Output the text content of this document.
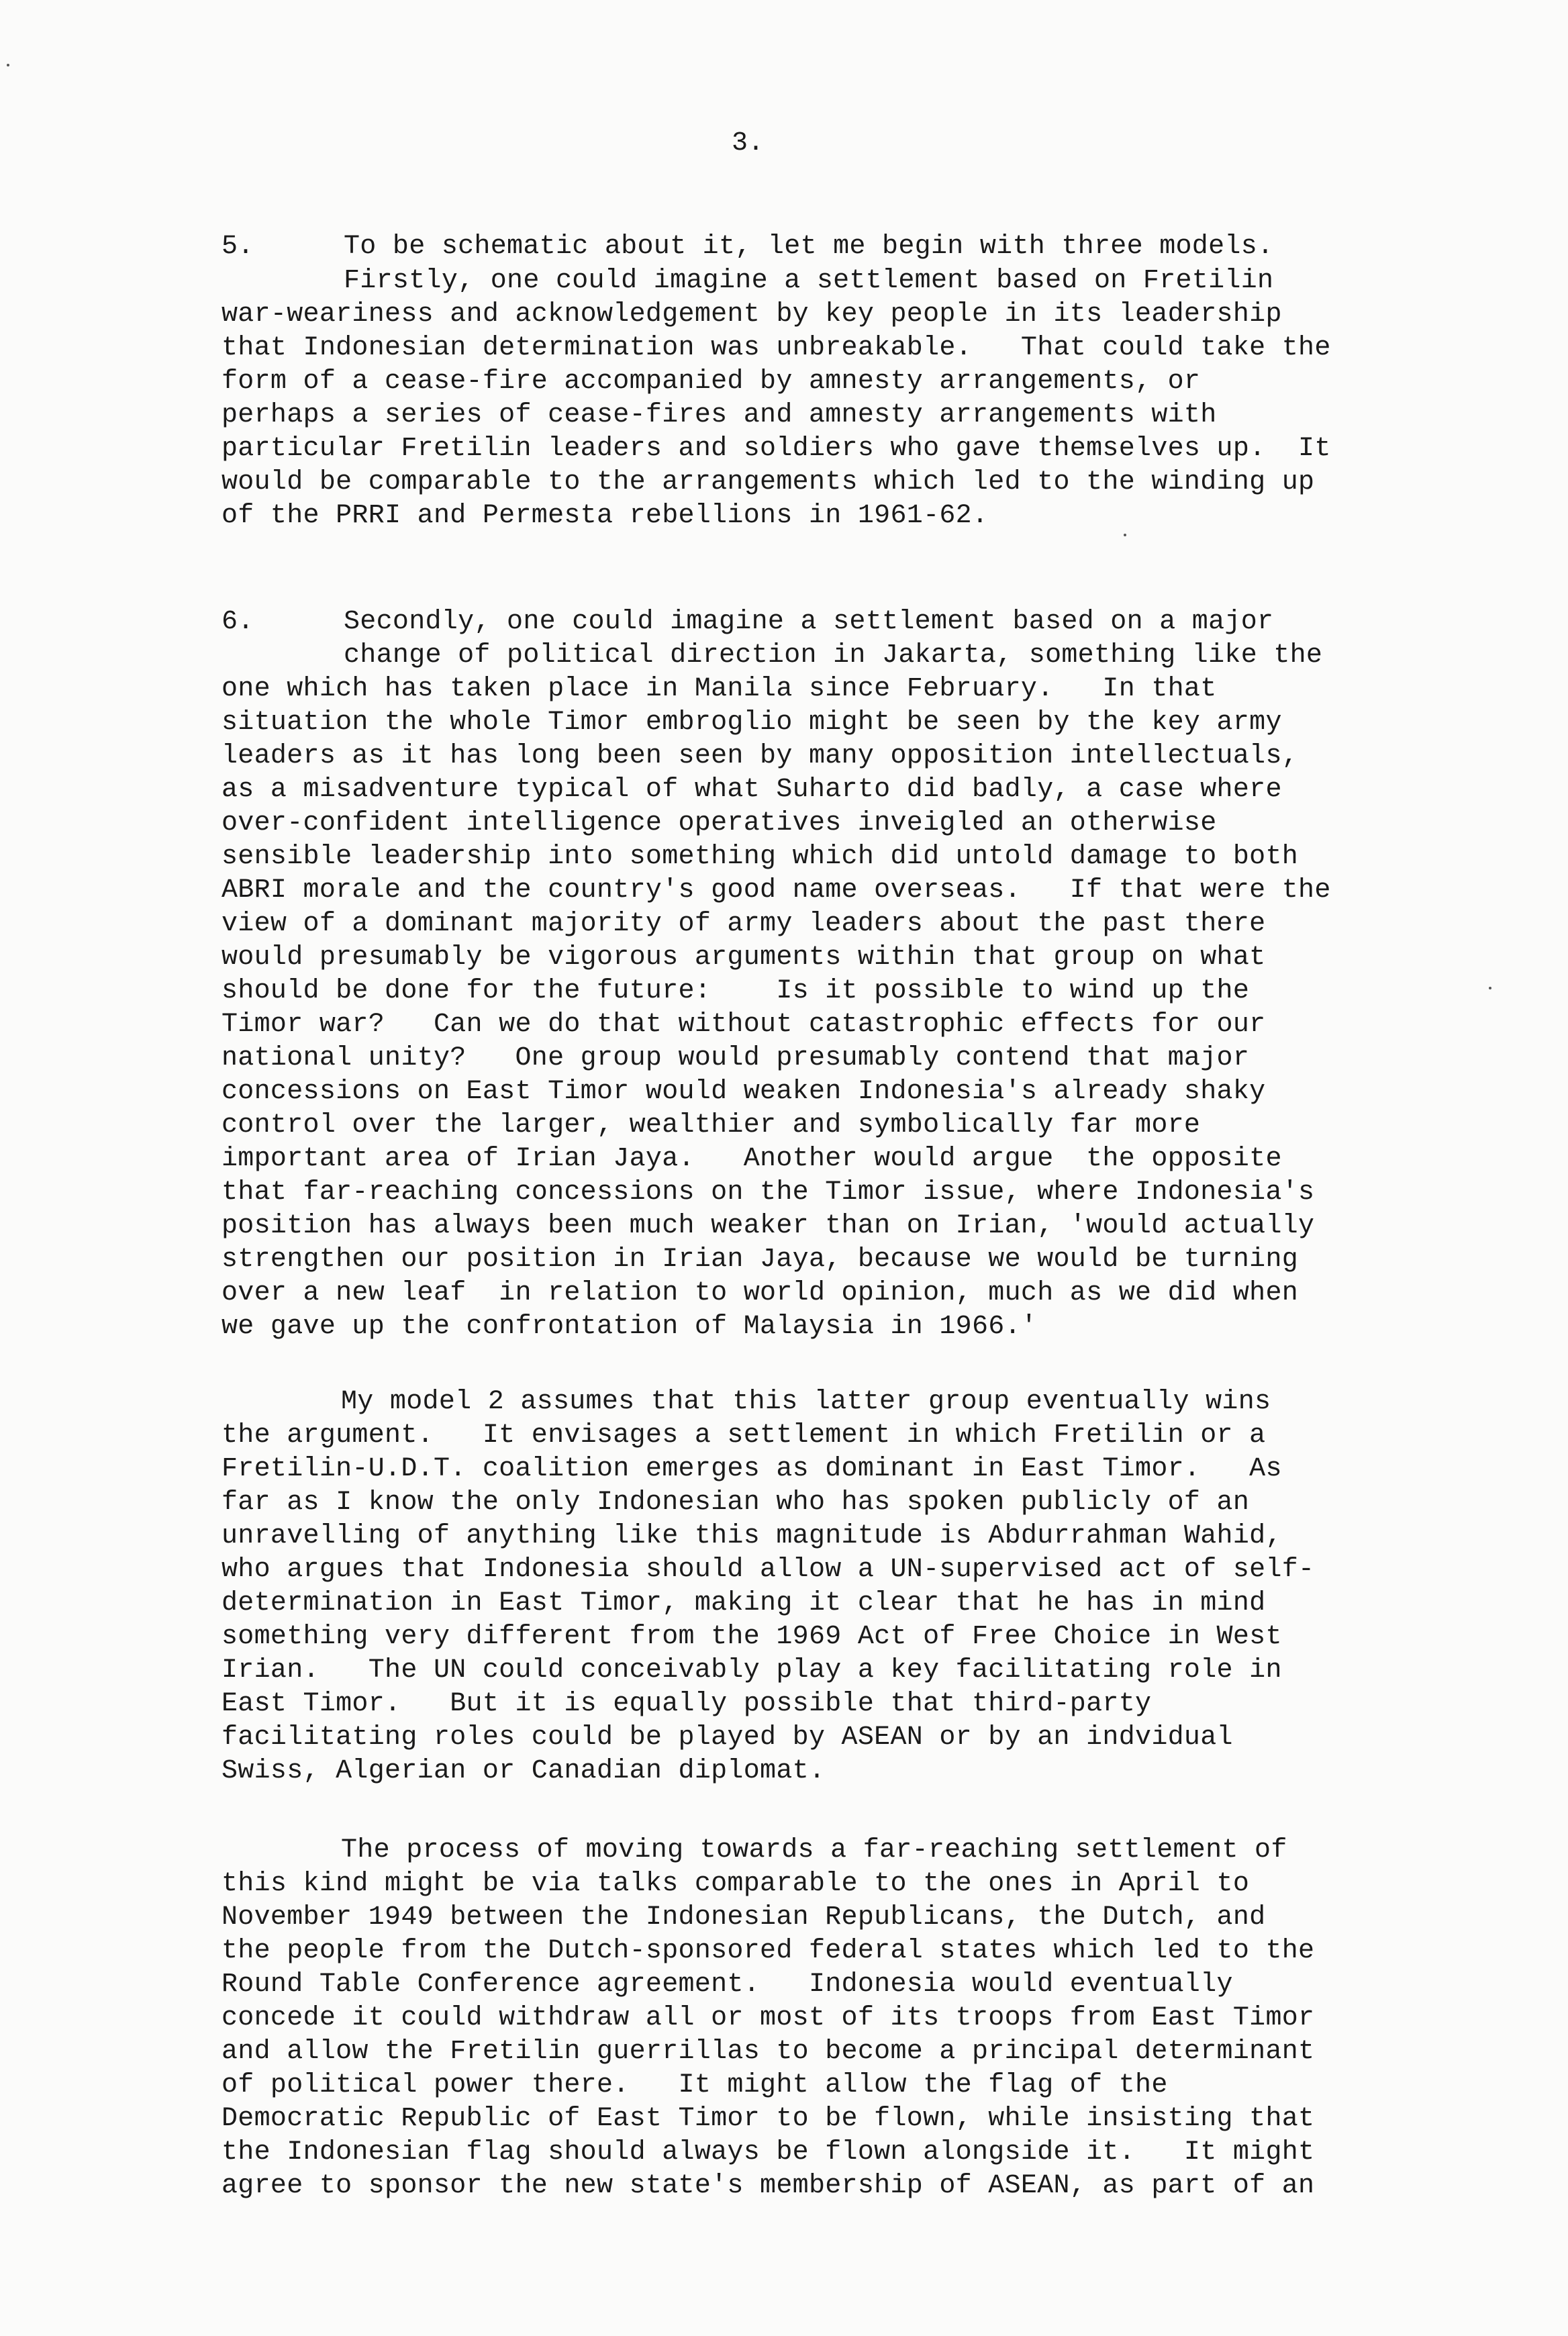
3.
5.	To be schematic about it, let me begin with three models.
Firstly, one could imagine a settlement based on Fretilin
war-weariness and acknowledgement by key people in its leadership
that Indonesian determination was unbreakable.   That could take the
form of a cease-fire accompanied by amnesty arrangements, or
perhaps a series of cease-fires and amnesty arrangements with
particular Fretilin leaders and soldiers who gave themselves up.  It
would be comparable to the arrangements which led to the winding up
of the PRRI and Permesta rebellions in 1961-62.
6.	Secondly, one could imagine a settlement based on a major
change of political direction in Jakarta, something like the
one which has taken place in Manila since February.   In that
situation the whole Timor embroglio might be seen by the key army
leaders as it has long been seen by many opposition intellectuals,
as a misadventure typical of what Suharto did badly, a case where
over-confident intelligence operatives inveigled an otherwise
sensible leadership into something which did untold damage to both
ABRI morale and the country's good name overseas.   If that were the
view of a dominant majority of army leaders about the past there
would presumably be vigorous arguments within that group on what
should be done for the future:    Is it possible to wind up the
Timor war?   Can we do that without catastrophic effects for our
national unity?   One group would presumably contend that major
concessions on East Timor would weaken Indonesia's already shaky
control over the larger, wealthier and symbolically far more
important area of Irian Jaya.   Another would argue  the opposite
that far-reaching concessions on the Timor issue, where Indonesia's
position has always been much weaker than on Irian, 'would actually
strengthen our position in Irian Jaya, because we would be turning
over a new leaf  in relation to world opinion, much as we did when
we gave up the confrontation of Malaysia in 1966.'
My model 2 assumes that this latter group eventually wins
the argument.   It envisages a settlement in which Fretilin or a
Fretilin-U.D.T. coalition emerges as dominant in East Timor.   As
far as I know the only Indonesian who has spoken publicly of an
unravelling of anything like this magnitude is Abdurrahman Wahid,
who argues that Indonesia should allow a UN-supervised act of self-
determination in East Timor, making it clear that he has in mind
something very different from the 1969 Act of Free Choice in West
Irian.   The UN could conceivably play a key facilitating role in
East Timor.   But it is equally possible that third-party
facilitating roles could be played by ASEAN or by an indvidual
Swiss, Algerian or Canadian diplomat.
The process of moving towards a far-reaching settlement of
this kind might be via talks comparable to the ones in April to
November 1949 between the Indonesian Republicans, the Dutch, and
the people from the Dutch-sponsored federal states which led to the
Round Table Conference agreement.   Indonesia would eventually
concede it could withdraw all or most of its troops from East Timor
and allow the Fretilin guerrillas to become a principal determinant
of political power there.   It might allow the flag of the
Democratic Republic of East Timor to be flown, while insisting that
the Indonesian flag should always be flown alongside it.   It might
agree to sponsor the new state's membership of ASEAN, as part of an
